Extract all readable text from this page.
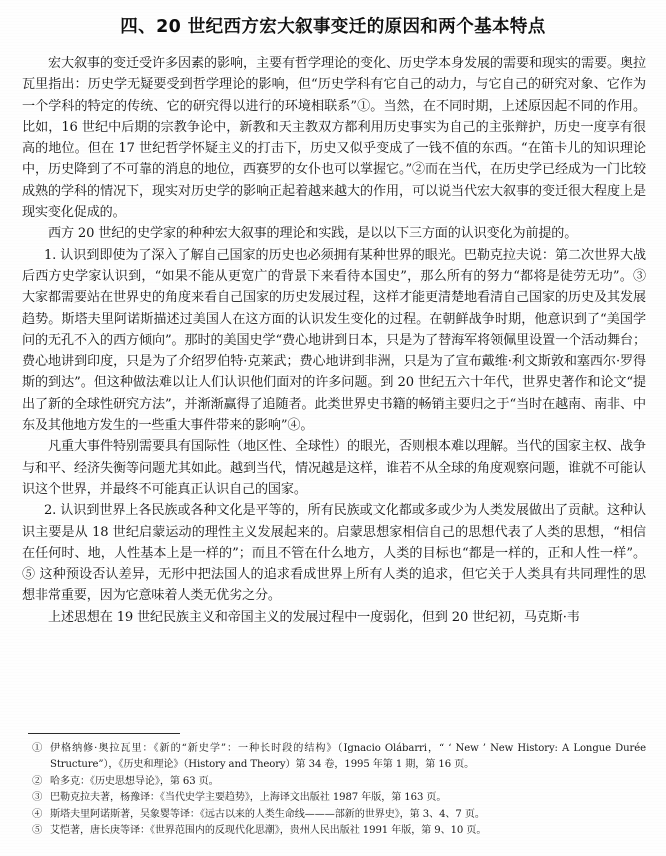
四、20 世纪西方宏大叙事变迁的原因和两个基本特点

宏大叙事的变迁受许多因素的影响，主要有哲学理论的变化、历史学本身发展的需要和现实的需要。奥拉瓦里指出：历史学无疑要受到哲学理论的影响，但“历史学科有它自己的动力，与它自己的研究对象、它作为一个学科的特定的传统、它的研究得以进行的环境相联系”①。当然，在不同时期，上述原因起不同的作用。比如，16 世纪中后期的宗教争论中，新教和天主教双方都利用历史事实为自己的主张辩护，历史一度享有很高的地位。但在 17 世纪哲学怀疑主义的打击下，历史又似乎变成了一钱不值的东西。“在笛卡儿的知识理论中，历史降到了不可靠的消息的地位，西赛罗的女仆也可以掌握它。”②而在当代，在历史学已经成为一门比较成熟的学科的情况下，现实对历史学的影响正起着越来越大的作用，可以说当代宏大叙事的变迁很大程度上是现实变化促成的。

西方 20 世纪的史学家的种种宏大叙事的理论和实践，是以以下三方面的认识变化为前提的。

1. 认识到即使为了深入了解自己国家的历史也必须拥有某种世界的眼光。巴勒克拉夫说：第二次世界大战后西方史学家认识到，“如果不能从更宽广的背景下来看待本国史”，那么所有的努力“都将是徒劳无功”。③ 大家都需要站在世界史的角度来看自己国家的历史发展过程，这样才能更清楚地看清自己国家的历史及其发展趋势。斯塔夫里阿诺斯描述过美国人在这方面的认识发生变化的过程。在朝鲜战争时期，他意识到了“美国学问的无孔不入的西方倾向”。那时的美国史学“费心地讲到日本，只是为了替海军将领佩里设置一个活动舞台；费心地讲到印度，只是为了介绍罗伯特·克莱武；费心地讲到非洲，只是为了宣布戴维·利文斯敦和塞西尔·罗得斯的到达”。但这种做法难以让人们认识他们面对的许多问题。到 20 世纪五六十年代，世界史著作和论文“提出了新的全球性研究方法”，并渐渐赢得了追随者。此类世界史书籍的畅销主要归之于“当时在越南、南非、中东及其他地方发生的一些重大事件带来的影响”④。

凡重大事件特别需要具有国际性（地区性、全球性）的眼光，否则根本难以理解。当代的国家主权、战争与和平、经济失衡等问题尤其如此。越到当代，情况越是这样，谁若不从全球的角度观察问题，谁就不可能认识这个世界，并最终不可能真正认识自己的国家。

2. 认识到世界上各民族或各种文化是平等的，所有民族或文化都或多或少为人类发展做出了贡献。这种认识主要是从 18 世纪启蒙运动的理性主义发展起来的。启蒙思想家相信自己的思想代表了人类的思想，“相信在任何时、地，人性基本上是一样的”；而且不管在什么地方，人类的目标也“都是一样的，正和人性一样”。⑤ 这种预设否认差异，无形中把法国人的追求看成世界上所有人类的追求，但它关于人类具有共同理性的思想非常重要，因为它意味着人类无优劣之分。

上述思想在 19 世纪民族主义和帝国主义的发展过程中一度弱化，但到 20 世纪初，马克斯·韦

① 伊格纳修·奥拉瓦里：《新的“新史学”：一种长时段的结构》（Ignacio Olábarri，“ ‘ New ’ New History: A Longue Durée Structure”），《历史和理论》（History and Theory）第 34 卷，1995 年第 1 期，第 16 页。
② 哈多克：《历史思想导论》，第 63 页。
③ 巴勒克拉夫著，杨豫译：《当代史学主要趋势》，上海译文出版社 1987 年版，第 163 页。
④ 斯塔夫里阿诺斯著，吴象婴等译：《远古以来的人类生命线———部新的世界史》，第 3、4、7 页。
⑤ 艾恺著，唐长庚等译：《世界范围内的反现代化思潮》，贵州人民出版社 1991 年版，第 9、10 页。
